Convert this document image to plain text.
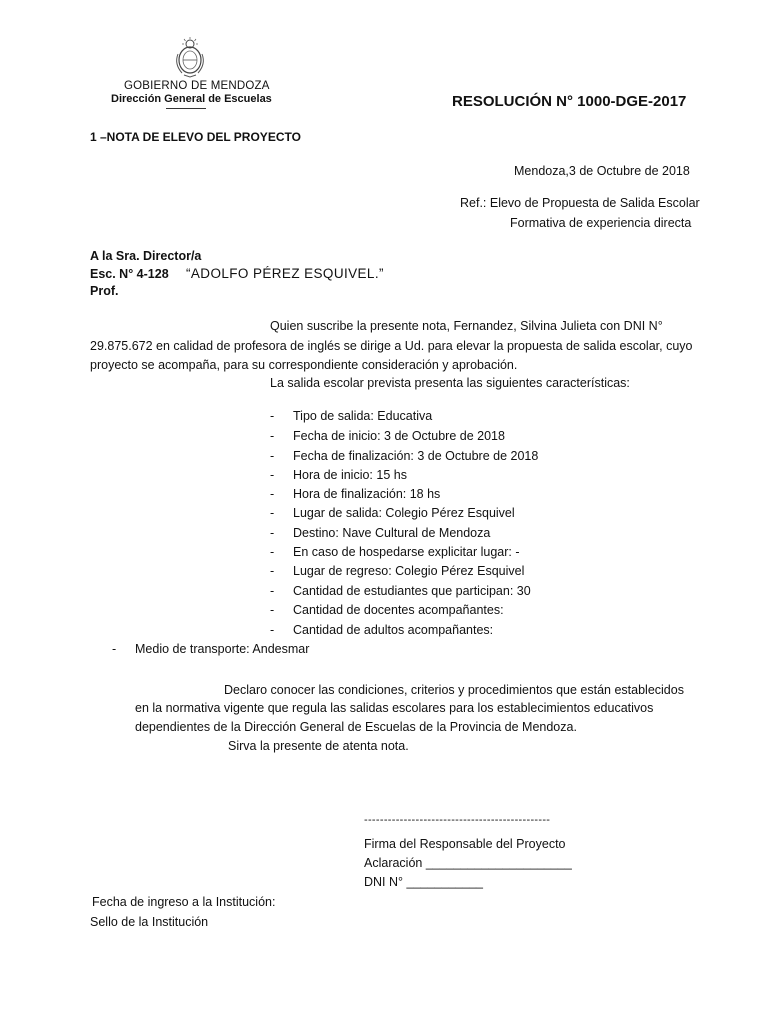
GOBIERNO DE MENDOZA
Dirección General de Escuelas	RESOLUCIÓN N° 1000-DGE-2017
1 –NOTA DE ELEVO DEL PROYECTO
Mendoza,3 de Octubre de 2018
Ref.: Elevo de Propuesta de Salida Escolar
Formativa de experiencia directa
A la Sra. Director/a
Esc. N° 4-128 “ADOLFO PÉREZ ESQUIVEL.”
Prof.
Quien suscribe la presente nota, Fernandez, Silvina Julieta con DNI N°
29.875.672 en calidad de profesora de inglés se dirige a Ud. para elevar la propuesta de salida escolar, cuyo
proyecto se acompaña, para su correspondiente consideración y aprobación.
La salida escolar prevista presenta las siguientes características:
- Tipo de salida: Educativa
- Fecha de inicio: 3 de Octubre de 2018
- Fecha de finalización: 3 de Octubre de 2018
- Hora de inicio: 15 hs
- Hora de finalización: 18 hs
- Lugar de salida: Colegio Pérez Esquivel
- Destino: Nave Cultural de Mendoza
- En caso de hospedarse explicitar lugar: -
- Lugar de regreso: Colegio Pérez Esquivel
- Cantidad de estudiantes que participan: 30
- Cantidad de docentes acompañantes:
- Cantidad de adultos acompañantes:
- Medio de transporte: Andesmar
Declaro conocer las condiciones, criterios y procedimientos que están establecidos
en la normativa vigente que regula las salidas escolares para los establecimientos educativos
dependientes de la Dirección General de Escuelas de la Provincia de Mendoza.
Sirva la presente de atenta nota.
-----------------------------------------------
Firma del Responsable del Proyecto
Aclaración _____________________
DNI N° ___________
Fecha de ingreso a la Institución:
Sello de la Institución
